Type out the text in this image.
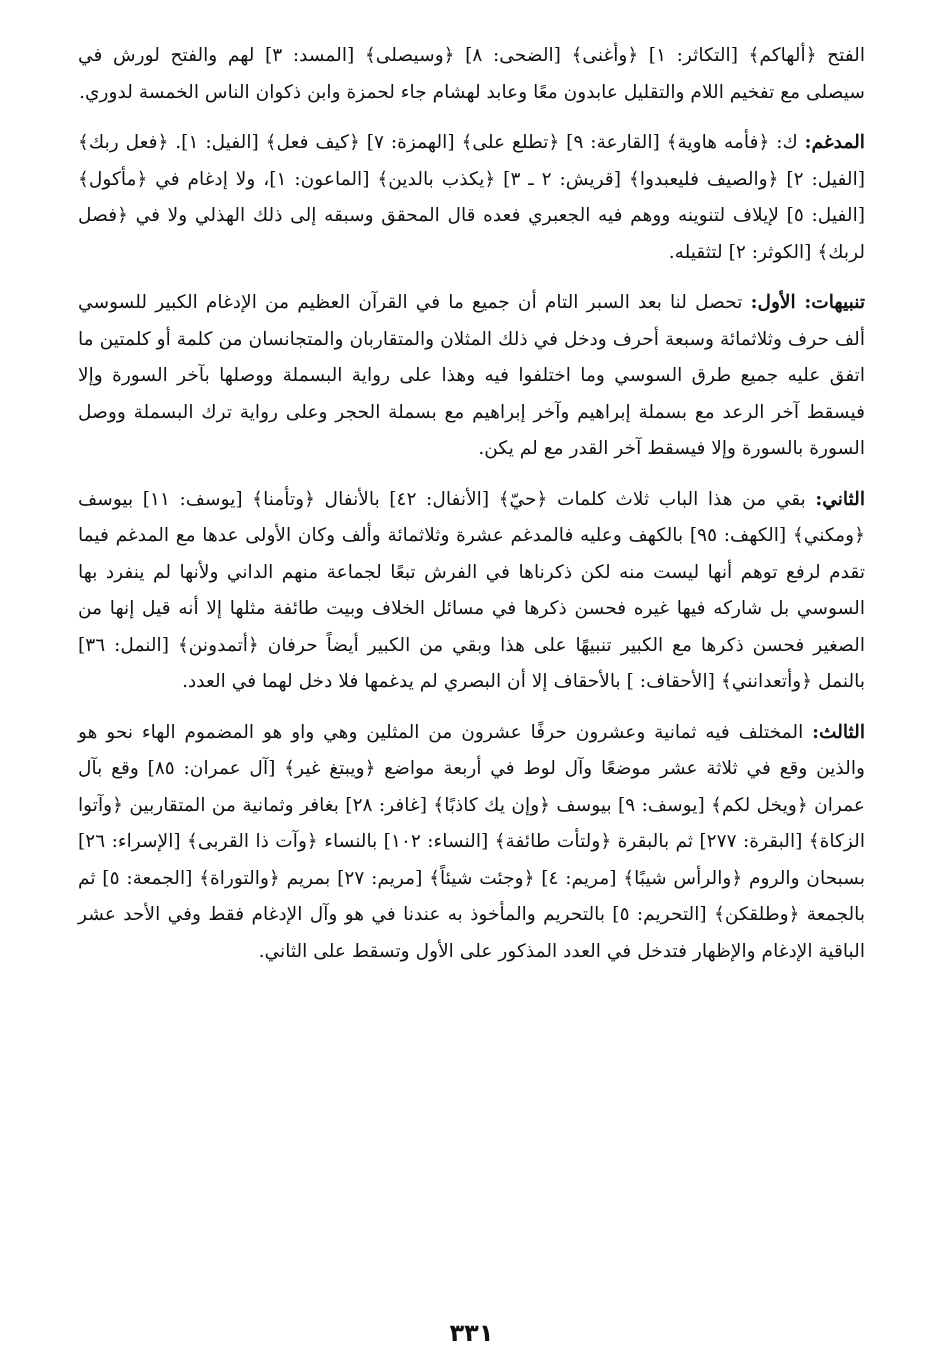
الفتح ﴿ألهاكم﴾ [التكاثر: ١] ﴿وأغنى﴾ [الضحى: ٨] ﴿وسيصلى﴾ [المسد: ٣] لهم والفتح لورش في سيصلى مع تفخيم اللام والتقليل عابدون معًا وعابد لهشام جاء لحمزة وابن ذكوان الناس الخمسة لدوري.

المدغم: ك: ﴿فأمه هاوية﴾ [القارعة: ٩] ﴿تطلع على﴾ [الهمزة: ٧] ﴿كيف فعل﴾ [الفيل: ١]. ﴿فعل ربك﴾ [الفيل: ٢] ﴿والصيف فليعبدوا﴾ [قريش: ٢ ـ ٣] ﴿يكذب بالدين﴾ [الماعون: ١]، ولا إدغام في ﴿مأكول﴾ [الفيل: ٥] لإيلاف لتنوينه ووهم فيه الجعبري فعده قال المحقق وسبقه إلى ذلك الهذلي ولا في ﴿فصل لربك﴾ [الكوثر: ٢] لتثقيله.

تنبيهات: الأول: تحصل لنا بعد السبر التام أن جميع ما في القرآن العظيم من الإدغام الكبير للسوسي ألف حرف وثلاثمائة وسبعة أحرف ودخل في ذلك المثلان والمتقاربان والمتجانسان من كلمة أو كلمتين ما اتفق عليه جميع طرق السوسي وما اختلفوا فيه وهذا على رواية البسملة ووصلها بآخر السورة وإلا فيسقط آخر الرعد مع بسملة إبراهيم وآخر إبراهيم مع بسملة الحجر وعلى رواية ترك البسملة ووصل السورة بالسورة وإلا فيسقط آخر القدر مع لم يكن.

الثاني: بقي من هذا الباب ثلاث كلمات ﴿حيّ﴾ [الأنفال: ٤٢] بالأنفال ﴿وتأمنا﴾ [يوسف: ١١] بيوسف ﴿ومكني﴾ [الكهف: ٩٥] بالكهف وعليه فالمدغم عشرة وثلاثمائة وألف وكان الأولى عدها مع المدغم فيما تقدم لرفع توهم أنها ليست منه لكن ذكرناها في الفرش تبعًا لجماعة منهم الداني ولأنها لم ينفرد بها السوسي بل شاركه فيها غيره فحسن ذكرها في مسائل الخلاف وبيت طائفة مثلها إلا أنه قيل إنها من الصغير فحسن ذكرها مع الكبير تنبيهًا على هذا وبقي من الكبير أيضاً حرفان ﴿أتمدونن﴾ [النمل: ٣٦] بالنمل ﴿وأتعدانني﴾ [الأحقاف: ] بالأحقاف إلا أن البصري لم يدغمها فلا دخل لهما في العدد.

الثالث: المختلف فيه ثمانية وعشرون حرفًا عشرون من المثلين وهي واو هو المضموم الهاء نحو هو والذين وقع في ثلاثة عشر موضعًا وآل لوط في أربعة مواضع ﴿ويبتغ غير﴾ [آل عمران: ٨٥] وقع بآل عمران ﴿ويخل لكم﴾ [يوسف: ٩] بيوسف ﴿وإن يك كاذبًا﴾ [غافر: ٢٨] بغافر وثمانية من المتقاربين ﴿وآتوا الزكاة﴾ [البقرة: ٢٧٧] ثم بالبقرة ﴿ولتأت طائفة﴾ [النساء: ١٠٢] بالنساء ﴿وآت ذا القربى﴾ [الإسراء: ٢٦] بسبحان والروم ﴿والرأس شيبًا﴾ [مريم: ٤] ﴿وجئت شيئاً﴾ [مريم: ٢٧] بمريم ﴿والتوراة﴾ [الجمعة: ٥] ثم بالجمعة ﴿وطلقكن﴾ [التحريم: ٥] بالتحريم والمأخوذ به عندنا في هو وآل الإدغام فقط وفي الأحد عشر الباقية الإدغام والإظهار فتدخل في العدد المذكور على الأول وتسقط على الثاني.

٣٣١
